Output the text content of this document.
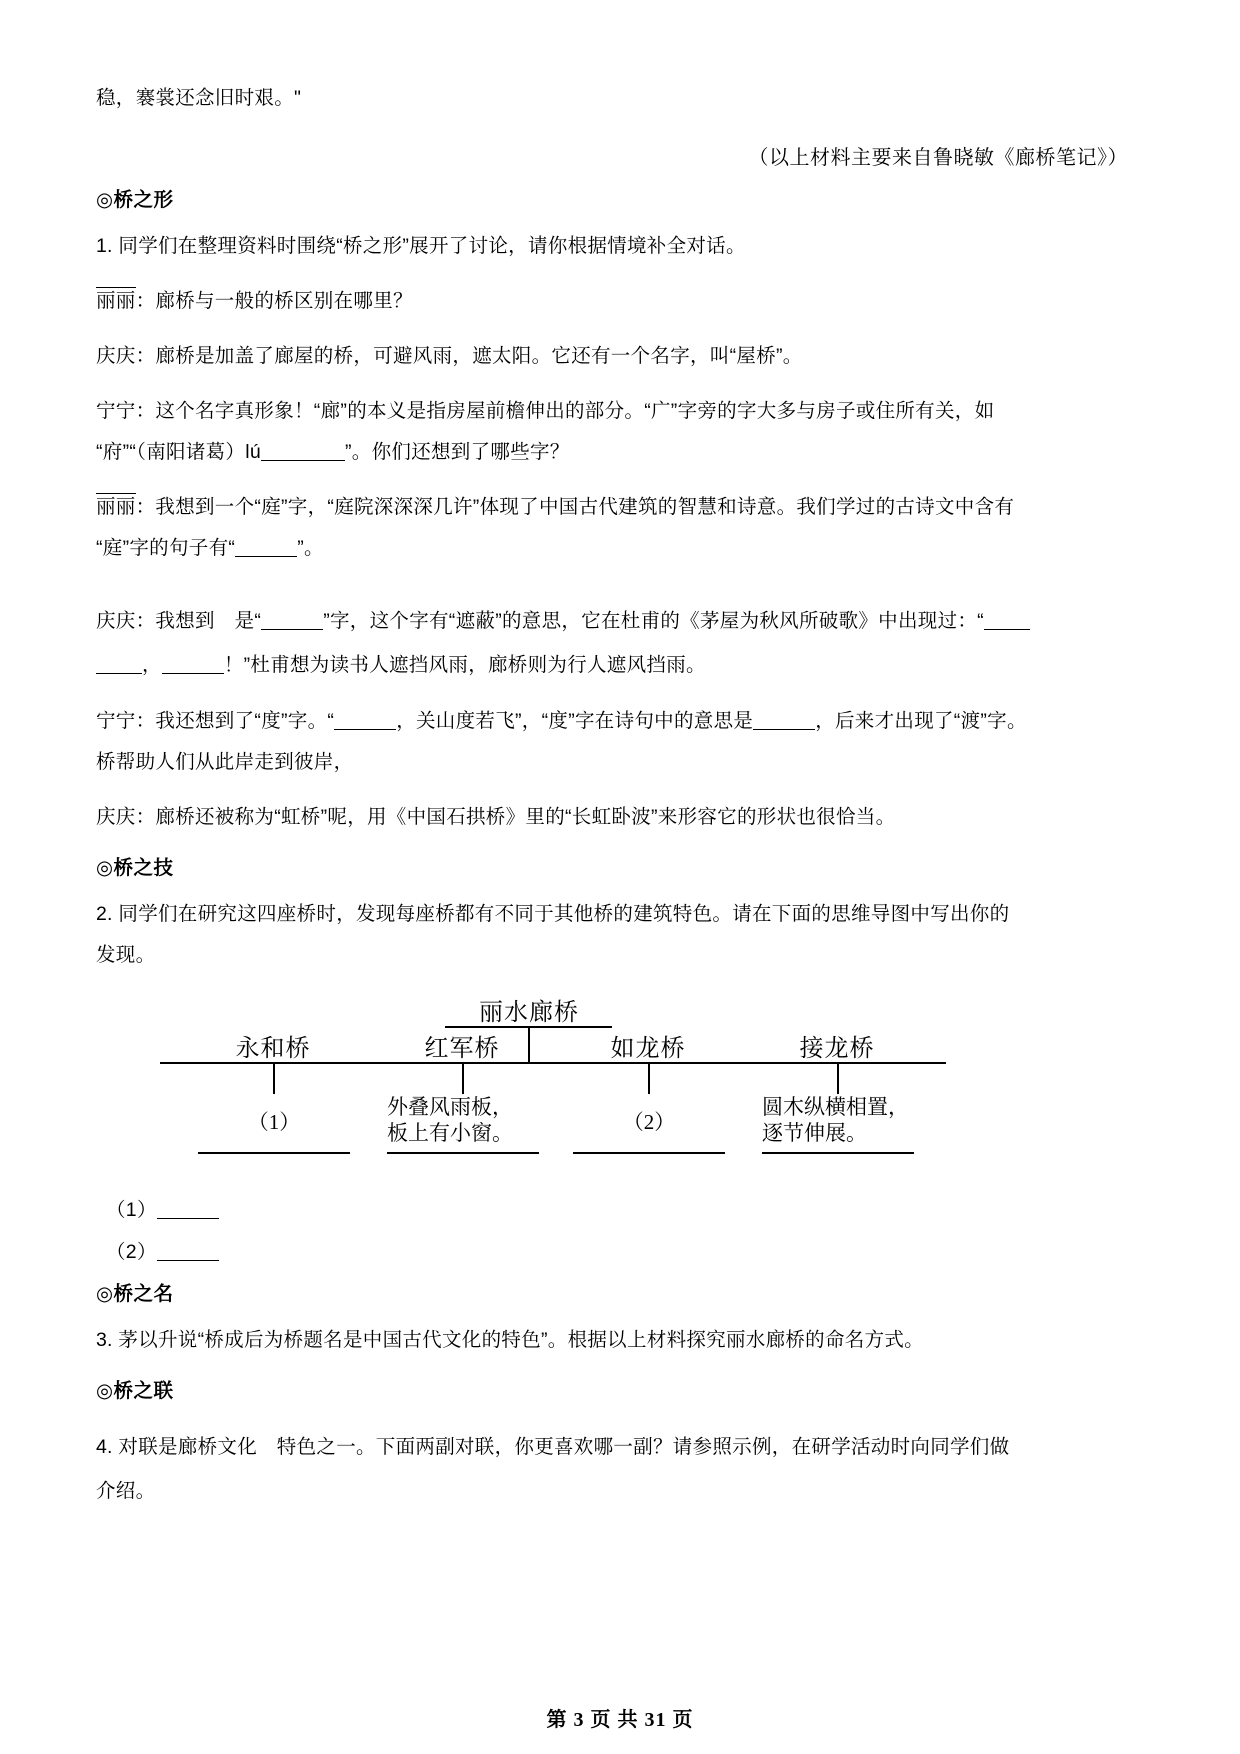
稳，褰裳还念旧时艰。"
（以上材料主要来自鲁晓敏《廊桥笔记》）
◎桥之形
1. 同学们在整理资料时围绕“桥之形”展开了讨论，请你根据情境补全对话。
丽丽：廊桥与一般的桥区别在哪里？
庆庆：廊桥是加盖了廊屋的桥，可避风雨，遮太阳。它还有一个名字，叫“屋桥”。
宁宁：这个名字真形象！“廊”的本义是指房屋前檐伸出的部分。“广”字旁的字大多与房子或住所有关，如
“府”“（南阳诸葛）lú	”。你们还想到了哪些字？
丽丽：我想到一个“庭”字，“庭院深深深几许”体现了中国古代建筑的智慧和诗意。我们学过的古诗文中含有
“庭”字的句子有“	”。
庆庆：我想到　是“	”字，这个字有“遮蔽”的意思，它在杜甫的《茅屋为秋风所破歌》中出现过：“
，	！”杜甫想为读书人遮挡风雨，廊桥则为行人遮风挡雨。
宁宁：我还想到了“度”字。“	，关山度若飞”，“度”字在诗句中的意思是	，后来才出现了“渡”字。
桥帮助人们从此岸走到彼岸，
庆庆：廊桥还被称为“虹桥”呢，用《中国石拱桥》里的“长虹卧波”来形容它的形状也很恰当。
◎桥之技
2. 同学们在研究这四座桥时，发现每座桥都有不同于其他桥的建筑特色。请在下面的思维导图中写出你的
发现。
丽水廊桥
永和桥	红军桥	如龙桥	接龙桥
（1）
外叠风雨板，
板上有小窗。	（2）
圆木纵横相置，
逐节伸展。
（1）
（2）
◎桥之名
3. 茅以升说“桥成后为桥题名是中国古代文化的特色”。根据以上材料探究丽水廊桥的命名方式。
◎桥之联
4. 对联是廊桥文化　特色之一。下面两副对联，你更喜欢哪一副？请参照示例，在研学活动时向同学们做
介绍。
第 3 页 共 31 页
